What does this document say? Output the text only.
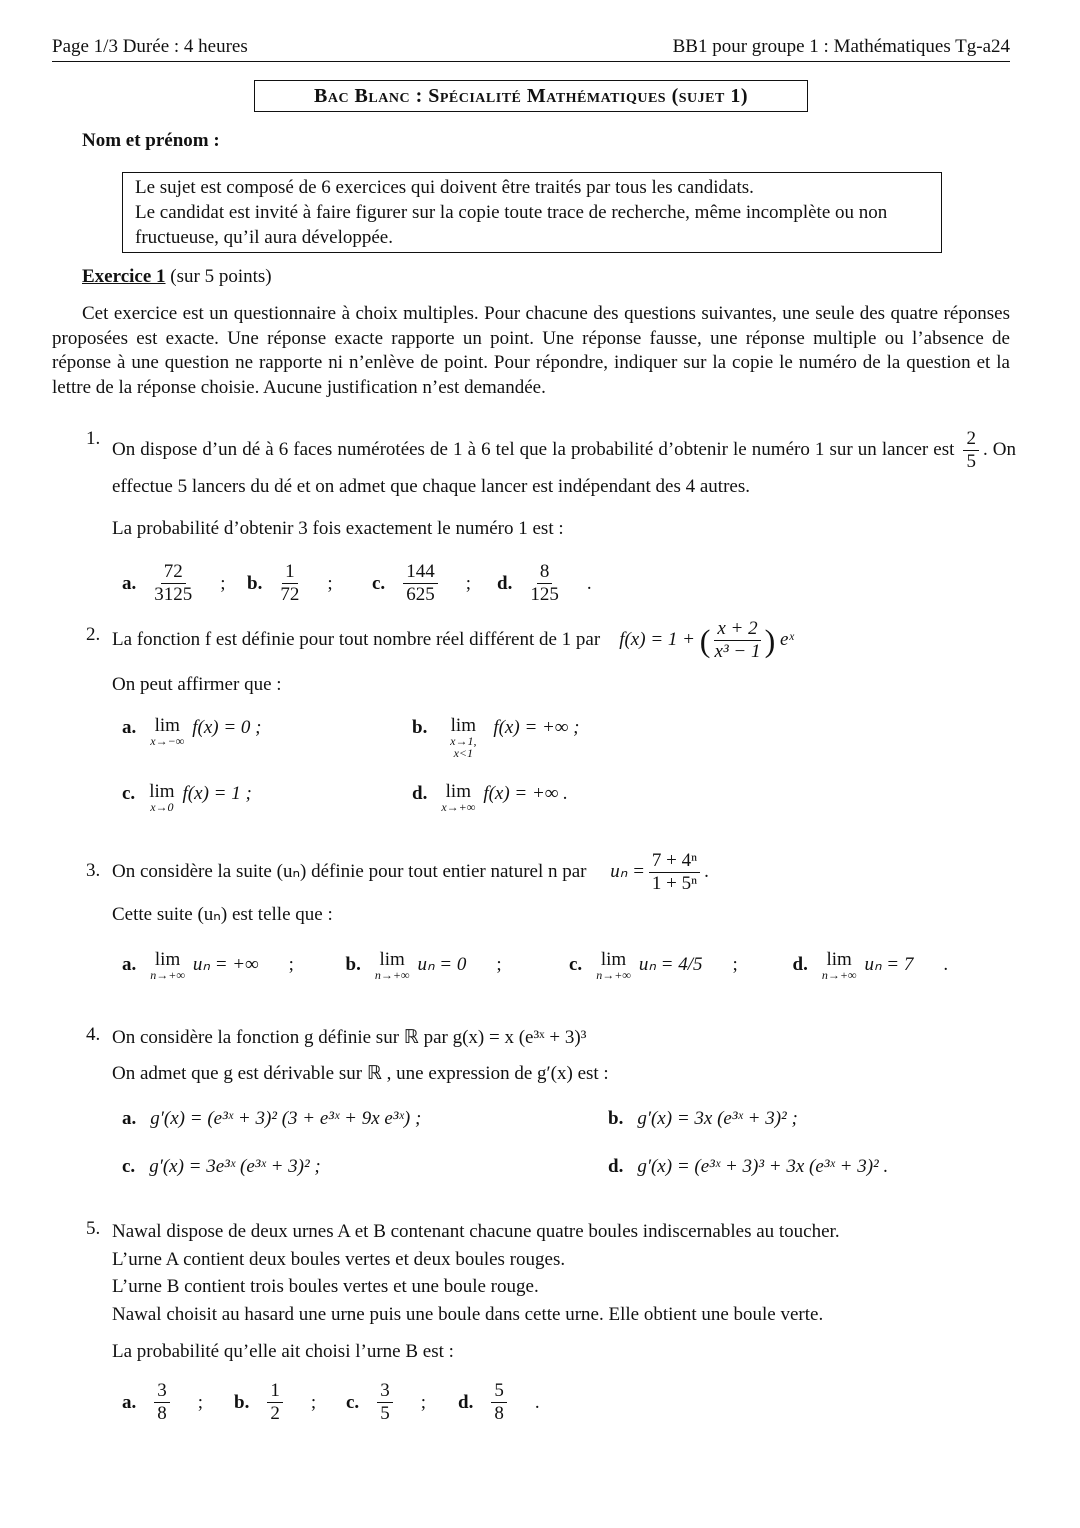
Page 1/3 Durée : 4 heures	BB1 pour groupe 1 : Mathématiques Tg-a24
Bac Blanc : Spécialité Mathématiques (sujet 1)
Nom et prénom :
Le sujet est composé de 6 exercices qui doivent être traités par tous les candidats.
Le candidat est invité à faire figurer sur la copie toute trace de recherche, même incomplète ou non fructueuse, qu’il aura développée.
Exercice 1 (sur 5 points)
Cet exercice est un questionnaire à choix multiples. Pour chacune des questions suivantes, une seule des quatre réponses proposées est exacte. Une réponse exacte rapporte un point. Une réponse fausse, une réponse multiple ou l’absence de réponse à une question ne rapporte ni n’enlève de point. Pour répondre, indiquer sur la copie le numéro de la question et la lettre de la réponse choisie. Aucune justification n’est demandée.
1.
On dispose d’un dé à 6 faces numérotées de 1 à 6 tel que la probabilité d’obtenir le numéro 1 sur un lancer est $\frac{2}{5}$ . On effectue 5 lancers du dé et on admet que chaque lancer est indépendant des 4 autres.
La probabilité d’obtenir 3 fois exactement le numéro 1 est :
a. $\frac{72}{3125}$ ; b. $\frac{1}{72}$ ; c. $\frac{144}{625}$ ; d. $\frac{8}{125}$ .
2. La fonction f est définie pour tout nombre réel différent de 1 par f(x) = 1 + ( $\frac{x + 2}{\text{x³ − 1}}$ ) eˣ
On peut affirmer que :
a. lim
x→−∞
f(x) = 0 ;	b. lim
x→1, x<1
f(x) = +∞ ;
c. lim
x→0
f(x) = 1 ;	d. lim
x→+∞
f(x) = +∞ .
3. On considère la suite (uₙ) définie pour tout entier naturel n par $u_n = \frac{\text{7 + 4ⁿ}}{\text{1 + 5ⁿ}}$ .
Cette suite (uₙ) est telle que :
a. lim
n→+∞ uₙ = +∞ ;	b. lim
n→+∞ uₙ = 0 ;	c. lim
n→+∞ uₙ = 4/5 ;	d. lim
n→+∞ uₙ = 7 .
4. On considère la fonction g définie sur ℝ par g(x) = x (e³ˣ + 3)³
On admet que g est dérivable sur ℝ , une expression de g′(x) est :
a. g′(x) = (e³ˣ + 3)² (3 + e³ˣ + 9x e³ˣ) ;	b. g′(x) = 3x (e³ˣ + 3)² ;
c. g′(x) = 3e³ˣ (e³ˣ + 3)² ;	d. g′(x) = (e³ˣ + 3)³ + 3x (e³ˣ + 3)² .
5. Nawal dispose de deux urnes A et B contenant chacune quatre boules indiscernables au toucher.
L’urne A contient deux boules vertes et deux boules rouges.
L’urne B contient trois boules vertes et une boule rouge.
Nawal choisit au hasard une urne puis une boule dans cette urne. Elle obtient une boule verte.
La probabilité qu’elle ait choisi l’urne B est :
a. $\frac{3}{8}$ ; b. $\frac{1}{2}$ ; c. $\frac{3}{5}$ ; d. $\frac{5}{8}$ .
